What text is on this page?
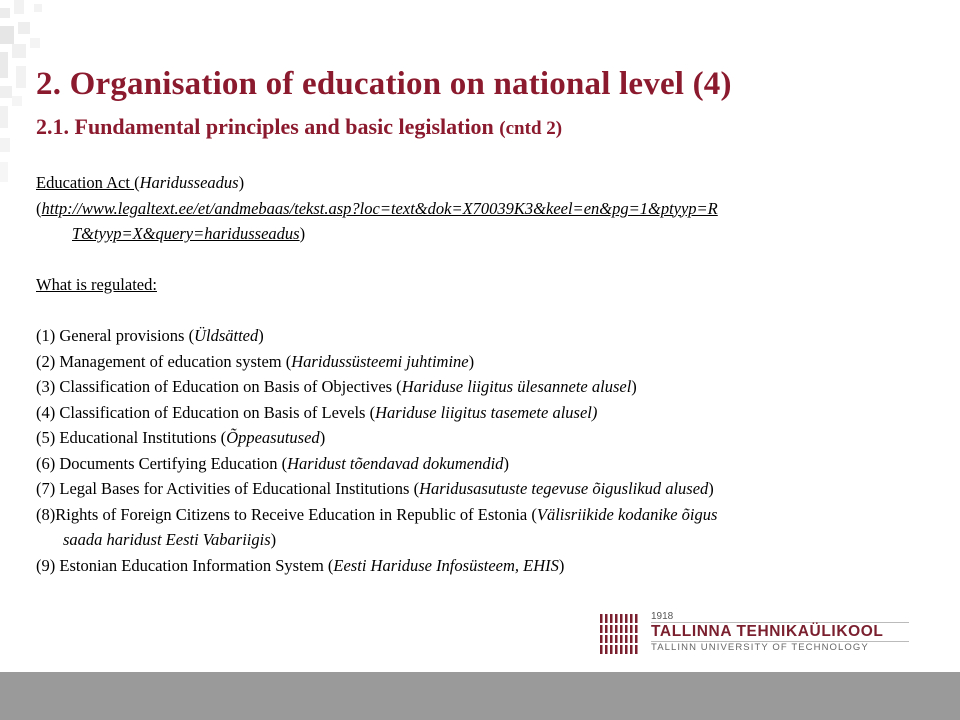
2. Organisation of education on national level (4)
2.1. Fundamental principles and basic legislation (cntd 2)
Education Act (Haridusseadus)
(http://www.legaltext.ee/et/andmebaas/tekst.asp?loc=text&dok=X70039K3&keel=en&pg=1&ptyyp=R
T&tyyp=X&query=haridusseadus)
What is regulated:
(1) General provisions (Üldsätted)
(2) Management of education system (Haridussüsteemi juhtimine)
(3) Classification of Education on Basis of Objectives (Hariduse liigitus ülesannete alusel)
(4) Classification of Education on Basis of Levels (Hariduse liigitus tasemete alusel)
(5) Educational Institutions (Õppeasutused)
(6) Documents Certifying Education (Haridust tõendavad dokumendid)
(7) Legal Bases for Activities of Educational Institutions (Haridusasutuste tegevuse õiguslikud alused)
(8)Rights of Foreign Citizens to Receive Education in Republic of Estonia (Välisriikide kodanike õigus
saada haridust Eesti Vabariigis)
(9) Estonian Education Information System (Eesti Hariduse Infosüsteem, EHIS)
1918
TALLINNA TEHNIKAÜLIKOOL
TALLINN UNIVERSITY OF TECHNOLOGY
